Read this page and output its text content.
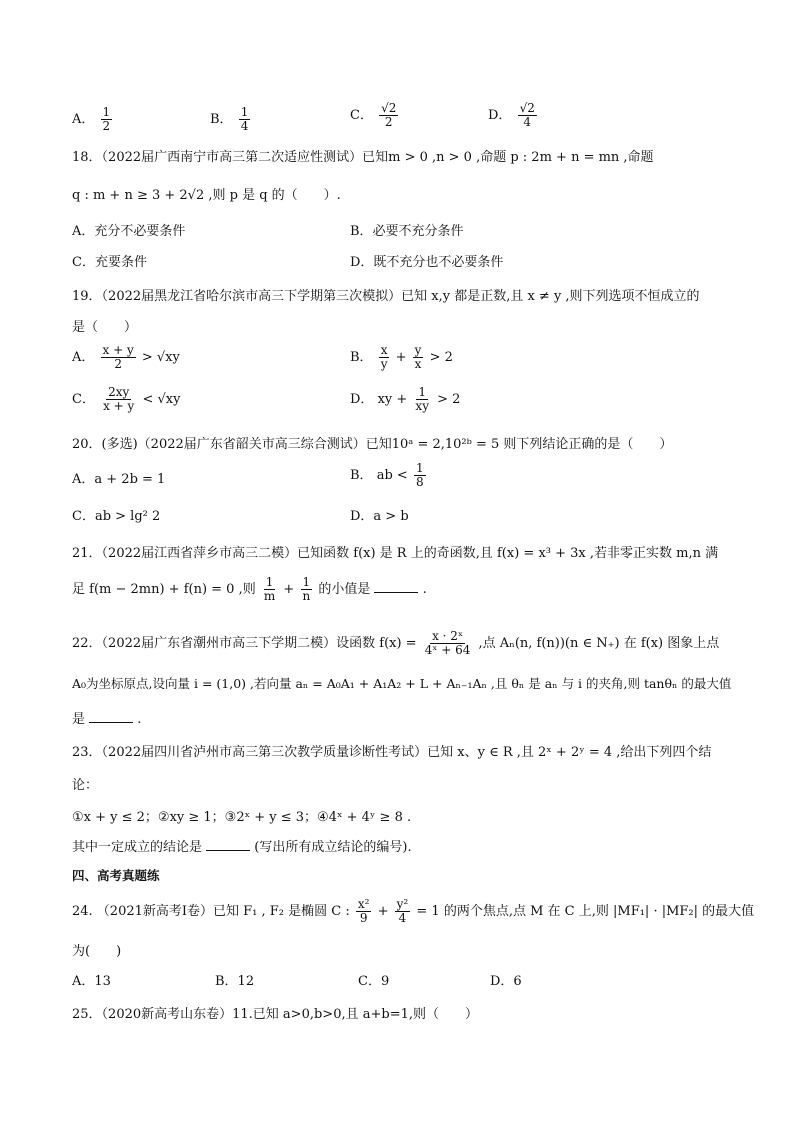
A． $\frac{1}{2}$	B． $\frac{1}{4}$	C． $\frac{√2}{2}$	D． $\frac{√2}{4}$
18．（2022届广西南宁市高三第二次适应性测试）已知m > 0 ,n > 0 ,命题 p : 2m + n = mn ,命题
q : m + n ≥ 3 + 2√2 ,则 p 是 q 的（　　）.
A．充分不必要条件	B．必要不充分条件
C．充要条件	D．既不充分也不必要条件
19．（2022届黑龙江省哈尔滨市高三下学期第三次模拟）已知 x,y 都是正数,且 x ≠ y ,则下列选项不恒成立的
是（　　）
A． $\frac{x + y}{2} > √xy$	B． $\frac{x}{y} + \frac{y}{x} > 2$
C． $\frac{2xy}{x + y} < √xy$	D． xy + $\frac{1}{xy} > 2$
20．(多选)（2022届广东省韶关市高三综合测试）已知10ᵃ = 2,10²ᵇ = 5 则下列结论正确的是（　　）
A．a + 2b = 1	B． ab < $\frac{1}{8}$
C．ab > lg² 2	D．a > b
21．（2022届江西省萍乡市高三二模）已知函数 f(x) 是 R 上的奇函数,且 f(x) = x³ + 3x ,若非零正实数 m,n 满
足 f(m − 2mn) + f(n) = 0 ,则 $\frac{1}{m} + \frac{1}{n}$ 的小值是	.
22．（2022届广东省潮州市高三下学期二模）设函数 $f(x) = \frac{\text{x · 2ˣ}}{\text{4ˣ + 64}}$ ,点 Aₙ(n, f(n))(n ∈ N₊) 在 f(x) 图象上点
A₀为坐标原点,设向量 i = (1,0) ,若向量 aₙ = A₀A₁ + A₁A₂ + L + Aₙ₋₁Aₙ ,且 θₙ 是 aₙ 与 i 的夹角,则 tanθₙ 的最大值
是	.
23．（2022届四川省泸州市高三第三次教学质量诊断性考试）已知 x、y ∈ R ,且 2ˣ + 2ʸ = 4 ,给出下列四个结
论：
①x + y ≤ 2；②xy ≥ 1；③2ˣ + y ≤ 3；④4ˣ + 4ʸ ≥ 8 .
其中一定成立的结论是	(写出所有成立结论的编号).
四、高考真题练
24. （2021新高考Ⅰ卷）已知 F₁ , F₂ 是椭圆 C : $\frac{\text{x²}}{9} + \frac{\text{y²}}{4} = 1$ 的两个焦点,点 M 在 C 上,则 |MF₁| · |MF₂| 的最大值
为(　　)
A．13	B．12	C．9	D．6
25．（2020新高考山东卷）11.已知 a>0,b>0,且 a+b=1,则（　　）
